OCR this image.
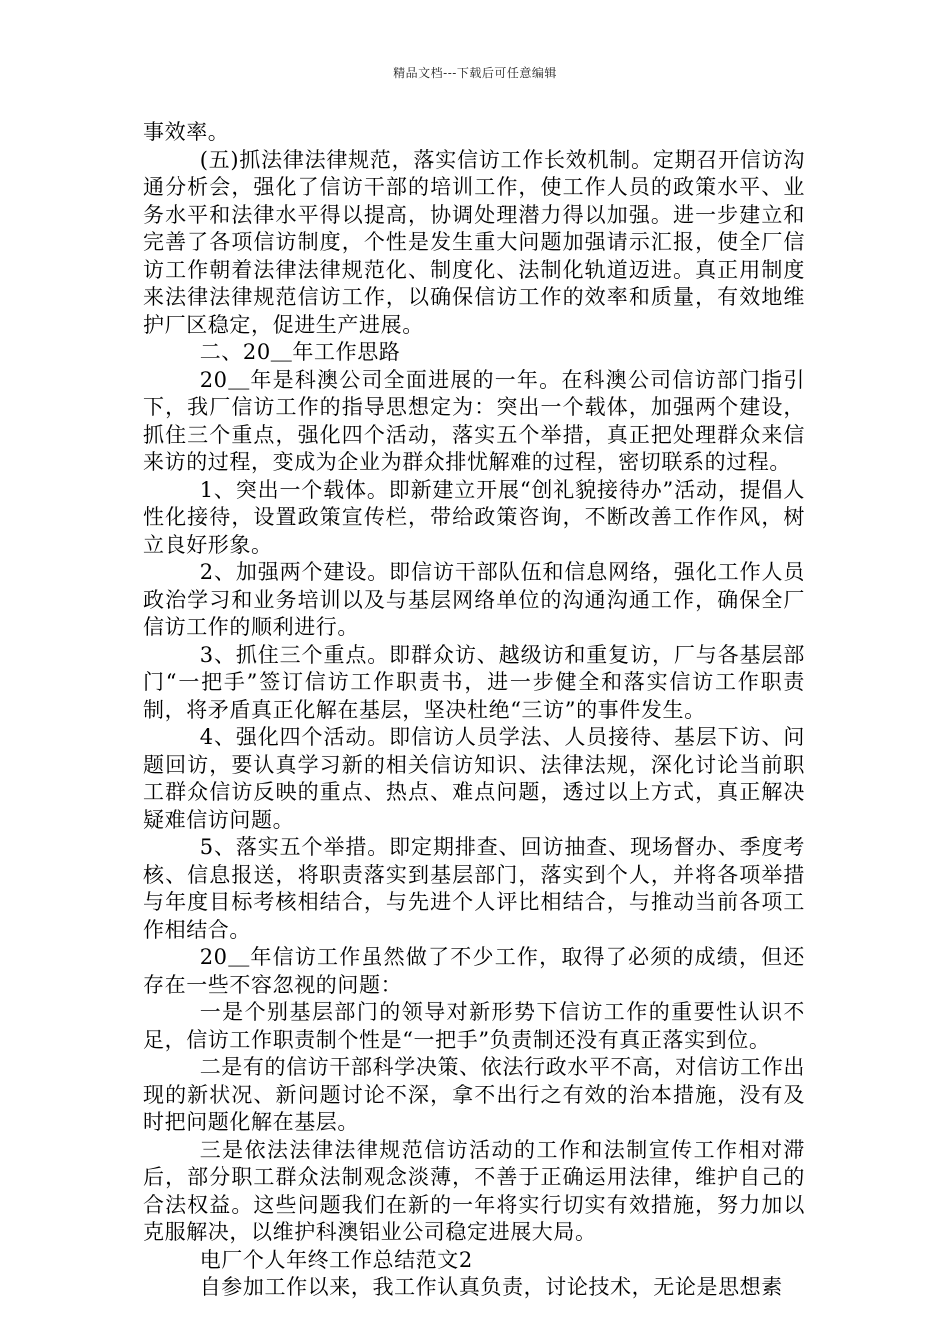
精品文档---下载后可任意编辑

事效率。

(五)抓法律法律规范，落实信访工作长效机制。定期召开信访沟通分析会，强化了信访干部的培训工作，使工作人员的政策水平、业务水平和法律水平得以提高，协调处理潜力得以加强。进一步建立和完善了各项信访制度，个性是发生重大问题加强请示汇报，使全厂信访工作朝着法律法律规范化、制度化、法制化轨道迈进。真正用制度来法律法律规范信访工作，以确保信访工作的效率和质量，有效地维护厂区稳定，促进生产进展。

二、20＿年工作思路

20＿年是科澳公司全面进展的一年。在科澳公司信访部门指引下，我厂信访工作的指导思想定为：突出一个载体，加强两个建设，抓住三个重点，强化四个活动，落实五个举措，真正把处理群众来信来访的过程，变成为企业为群众排忧解难的过程，密切联系的过程。

1、突出一个载体。即新建立开展“创礼貌接待办”活动，提倡人性化接待，设置政策宣传栏，带给政策咨询，不断改善工作作风，树立良好形象。

2、加强两个建设。即信访干部队伍和信息网络，强化工作人员政治学习和业务培训以及与基层网络单位的沟通沟通工作，确保全厂信访工作的顺利进行。

3、抓住三个重点。即群众访、越级访和重复访，厂与各基层部门“一把手”签订信访工作职责书，进一步健全和落实信访工作职责制，将矛盾真正化解在基层，坚决杜绝“三访”的事件发生。

4、强化四个活动。即信访人员学法、人员接待、基层下访、问题回访，要认真学习新的相关信访知识、法律法规，深化讨论当前职工群众信访反映的重点、热点、难点问题，透过以上方式，真正解决疑难信访问题。

5、落实五个举措。即定期排查、回访抽查、现场督办、季度考核、信息报送，将职责落实到基层部门，落实到个人，并将各项举措与年度目标考核相结合，与先进个人评比相结合，与推动当前各项工作相结合。

20＿年信访工作虽然做了不少工作，取得了必须的成绩，但还存在一些不容忽视的问题：

一是个别基层部门的领导对新形势下信访工作的重要性认识不足，信访工作职责制个性是“一把手”负责制还没有真正落实到位。

二是有的信访干部科学决策、依法行政水平不高，对信访工作出现的新状况、新问题讨论不深，拿不出行之有效的治本措施，没有及时把问题化解在基层。

三是依法法律法律规范信访活动的工作和法制宣传工作相对滞后，部分职工群众法制观念淡薄，不善于正确运用法律，维护自己的合法权益。这些问题我们在新的一年将实行切实有效措施，努力加以克服解决，以维护科澳铝业公司稳定进展大局。

电厂个人年终工作总结范文2

自参加工作以来，我工作认真负责，讨论技术，无论是思想素
